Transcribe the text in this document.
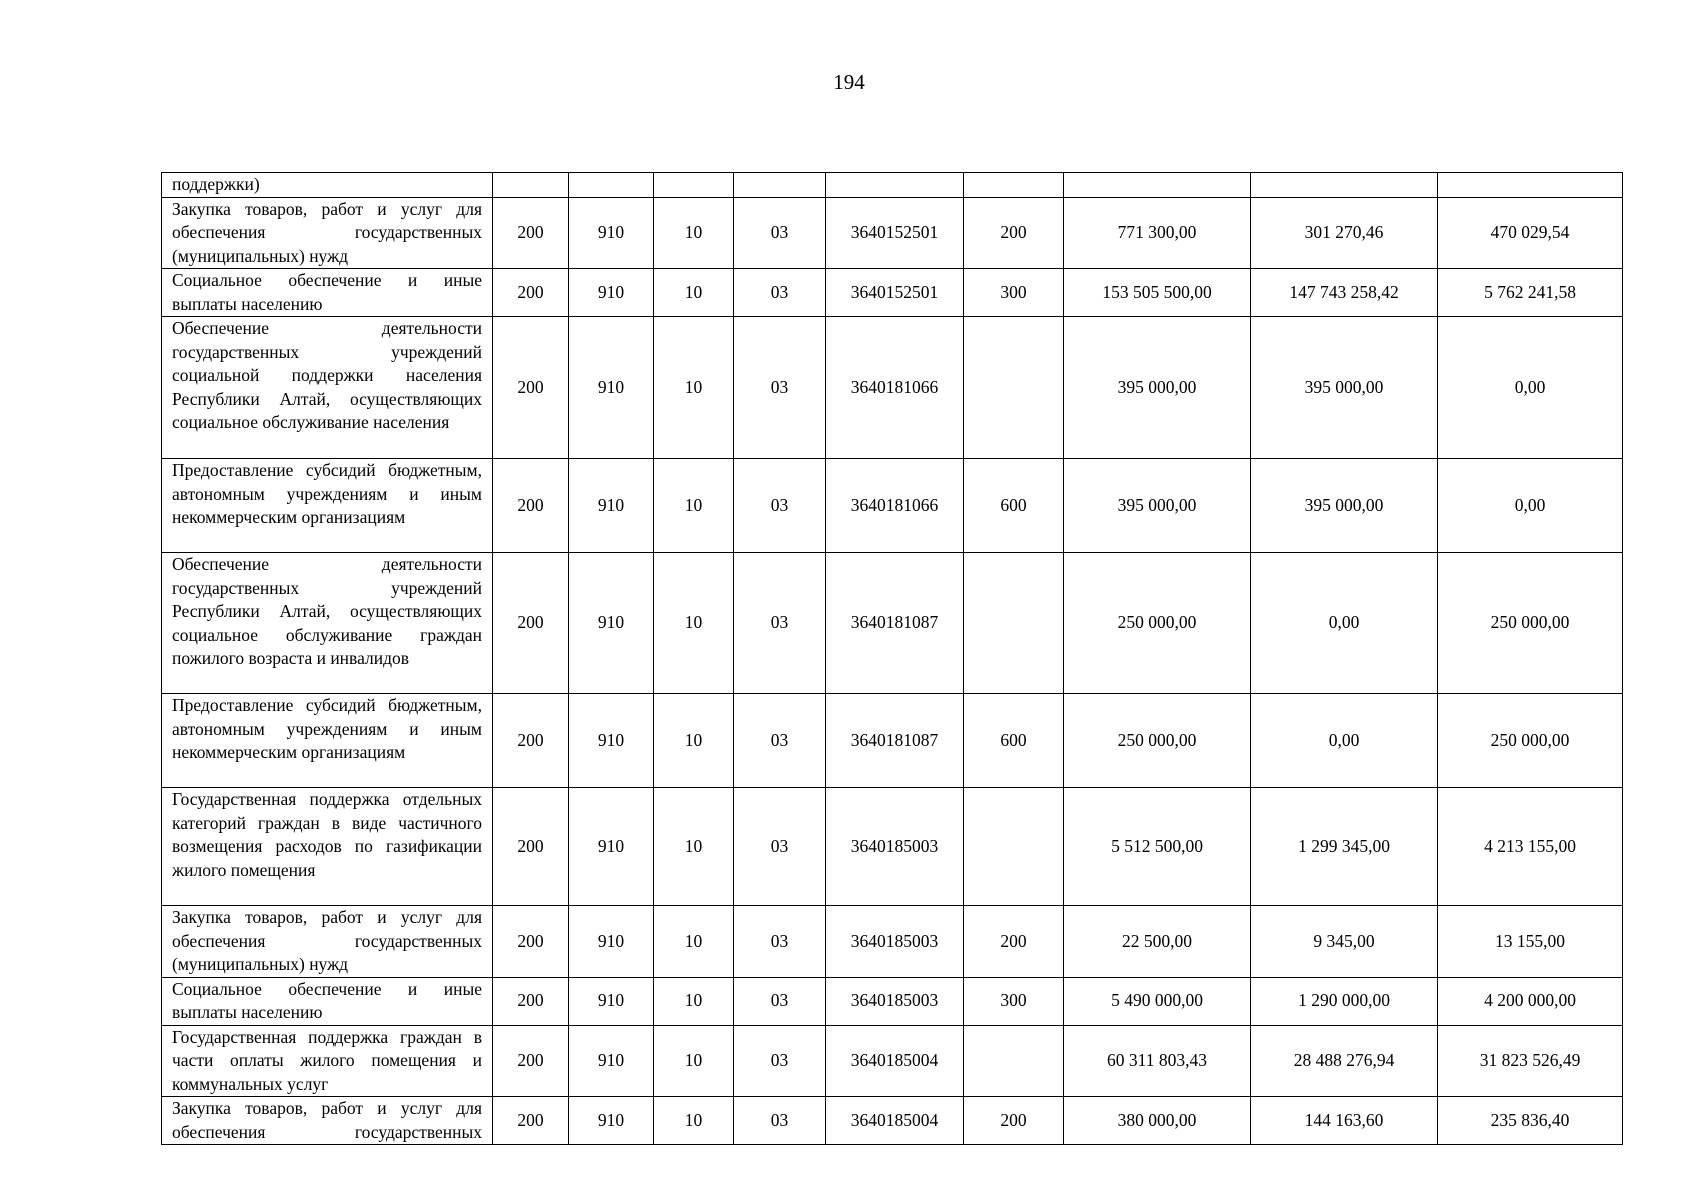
194
поддержки)									
Закупка товаров, работ и услуг для обеспечения государственных (муниципальных) нужд	200	910	10	03	3640152501	200	771 300,00	301 270,46	470 029,54
Социальное обеспечение и иные выплаты населению	200	910	10	03	3640152501	300	153 505 500,00	147 743 258,42	5 762 241,58
Обеспечение деятельности государственных учреждений социальной поддержки населения Республики Алтай, осуществляющих социальное обслуживание населения	200	910	10	03	3640181066		395 000,00	395 000,00	0,00
Предоставление субсидий бюджетным, автономным учреждениям и иным некоммерческим организациям	200	910	10	03	3640181066	600	395 000,00	395 000,00	0,00
Обеспечение деятельности государственных учреждений Республики Алтай, осуществляющих социальное обслуживание граждан пожилого возраста и инвалидов	200	910	10	03	3640181087		250 000,00	0,00	250 000,00
Предоставление субсидий бюджетным, автономным учреждениям и иным некоммерческим организациям	200	910	10	03	3640181087	600	250 000,00	0,00	250 000,00
Государственная поддержка отдельных категорий граждан в виде частичного возмещения расходов по газификации жилого помещения	200	910	10	03	3640185003		5 512 500,00	1 299 345,00	4 213 155,00
Закупка товаров, работ и услуг для обеспечения государственных (муниципальных) нужд	200	910	10	03	3640185003	200	22 500,00	9 345,00	13 155,00
Социальное обеспечение и иные выплаты населению	200	910	10	03	3640185003	300	5 490 000,00	1 290 000,00	4 200 000,00
Государственная поддержка граждан в части оплаты жилого помещения и коммунальных услуг	200	910	10	03	3640185004		60 311 803,43	28 488 276,94	31 823 526,49
Закупка товаров, работ и услуг для обеспечения государственных	200	910	10	03	3640185004	200	380 000,00	144 163,60	235 836,40
